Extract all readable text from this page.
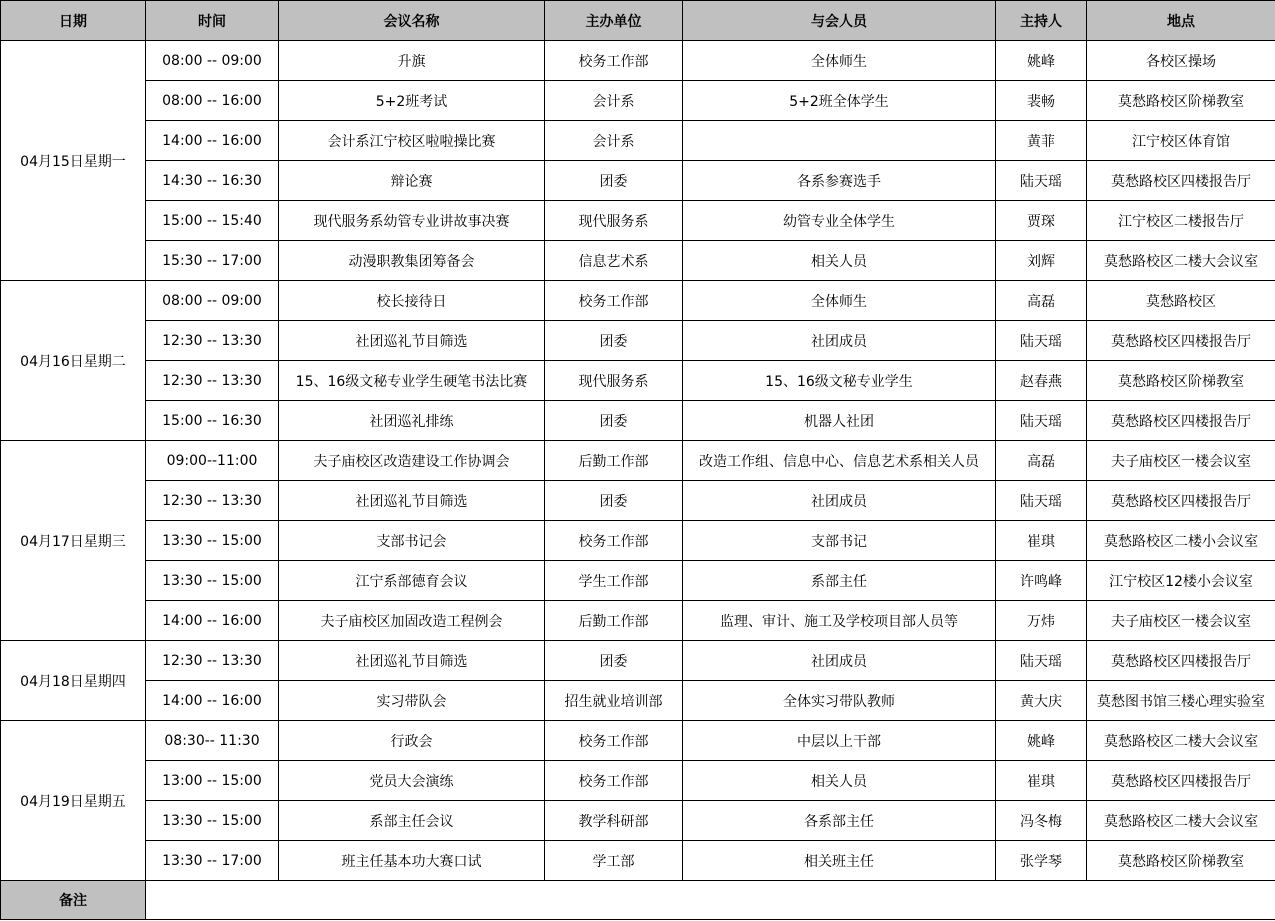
日期	时间	会议名称	主办单位	与会人员	主持人	地点
04月15日星期一	08:00 -- 09:00	升旗	校务工作部	全体师生	姚峰	各校区操场
	08:00 -- 16:00	5+2班考试	会计系	5+2班全体学生	裴畅	莫愁路校区阶梯教室
	14:00 -- 16:00	会计系江宁校区啦啦操比赛	会计系		黄菲	江宁校区体育馆
	14:30 -- 16:30	辩论赛	团委	各系参赛选手	陆天瑶	莫愁路校区四楼报告厅
	15:00 -- 15:40	现代服务系幼管专业讲故事决赛	现代服务系	幼管专业全体学生	贾琛	江宁校区二楼报告厅
	15:30 -- 17:00	动漫职教集团筹备会	信息艺术系	相关人员	刘辉	莫愁路校区二楼大会议室
04月16日星期二	08:00 -- 09:00	校长接待日	校务工作部	全体师生	高磊	莫愁路校区
	12:30 -- 13:30	社团巡礼节目筛选	团委	社团成员	陆天瑶	莫愁路校区四楼报告厅
	12:30 -- 13:30	15、16级文秘专业学生硬笔书法比赛	现代服务系	15、16级文秘专业学生	赵春燕	莫愁路校区阶梯教室
	15:00 -- 16:30	社团巡礼排练	团委	机器人社团	陆天瑶	莫愁路校区四楼报告厅
04月17日星期三	09:00--11:00	夫子庙校区改造建设工作协调会	后勤工作部	改造工作组、信息中心、信息艺术系相关人员	高磊	夫子庙校区一楼会议室
	12:30 -- 13:30	社团巡礼节目筛选	团委	社团成员	陆天瑶	莫愁路校区四楼报告厅
	13:30 -- 15:00	支部书记会	校务工作部	支部书记	崔琪	莫愁路校区二楼小会议室
	13:30 -- 15:00	江宁系部德育会议	学生工作部	系部主任	许鸣峰	江宁校区12楼小会议室
	14:00 -- 16:00	夫子庙校区加固改造工程例会	后勤工作部	监理、审计、施工及学校项目部人员等	万炜	夫子庙校区一楼会议室
04月18日星期四	12:30 -- 13:30	社团巡礼节目筛选	团委	社团成员	陆天瑶	莫愁路校区四楼报告厅
	14:00 -- 16:00	实习带队会	招生就业培训部	全体实习带队教师	黄大庆	莫愁图书馆三楼心理实验室
04月19日星期五	08:30-- 11:30	行政会	校务工作部	中层以上干部	姚峰	莫愁路校区二楼大会议室
	13:00 -- 15:00	党员大会演练	校务工作部	相关人员	崔琪	莫愁路校区四楼报告厅
	13:30 -- 15:00	系部主任会议	教学科研部	各系部主任	冯冬梅	莫愁路校区二楼大会议室
	13:30 -- 17:00	班主任基本功大赛口试	学工部	相关班主任	张学琴	莫愁路校区阶梯教室
备注						
